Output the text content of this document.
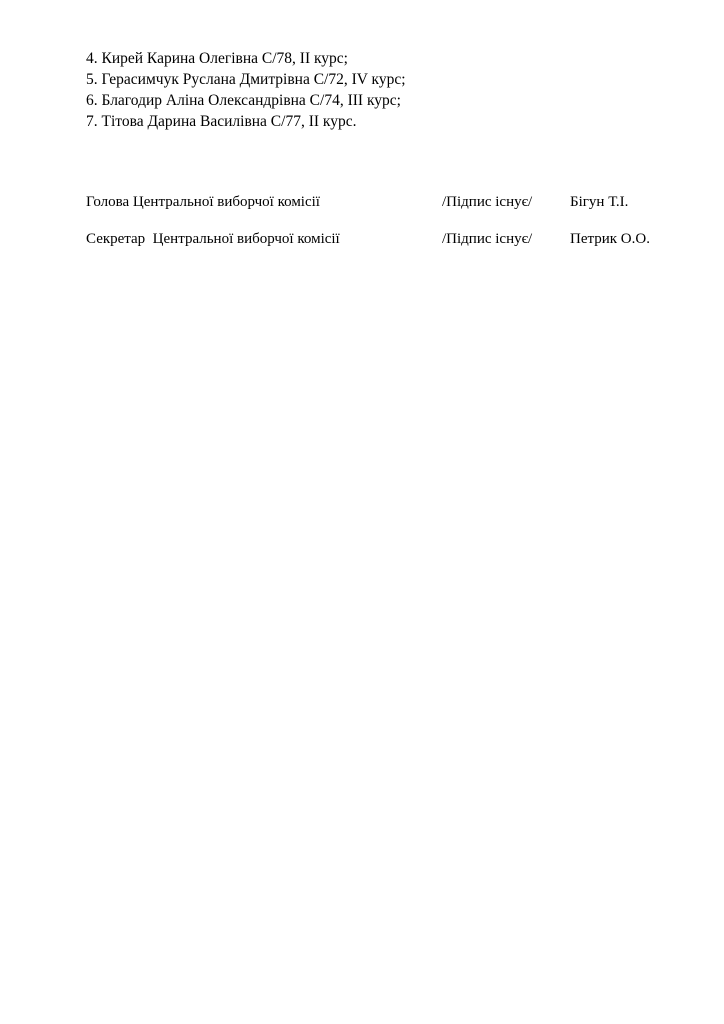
4. Кирей Карина Олегівна С/78, ІІ курс;
5. Герасимчук Руслана Дмитрівна С/72, ІV курс;
6. Благодир Аліна Олександрівна С/74, ІІІ курс;
7. Тітова Дарина Василівна С/77, ІІ курс.
Голова Центральної виборчої комісії	/Підпис існує/	Бігун Т.І.
Секретар  Центральної виборчої комісії	/Підпис існує/	Петрик О.О.
